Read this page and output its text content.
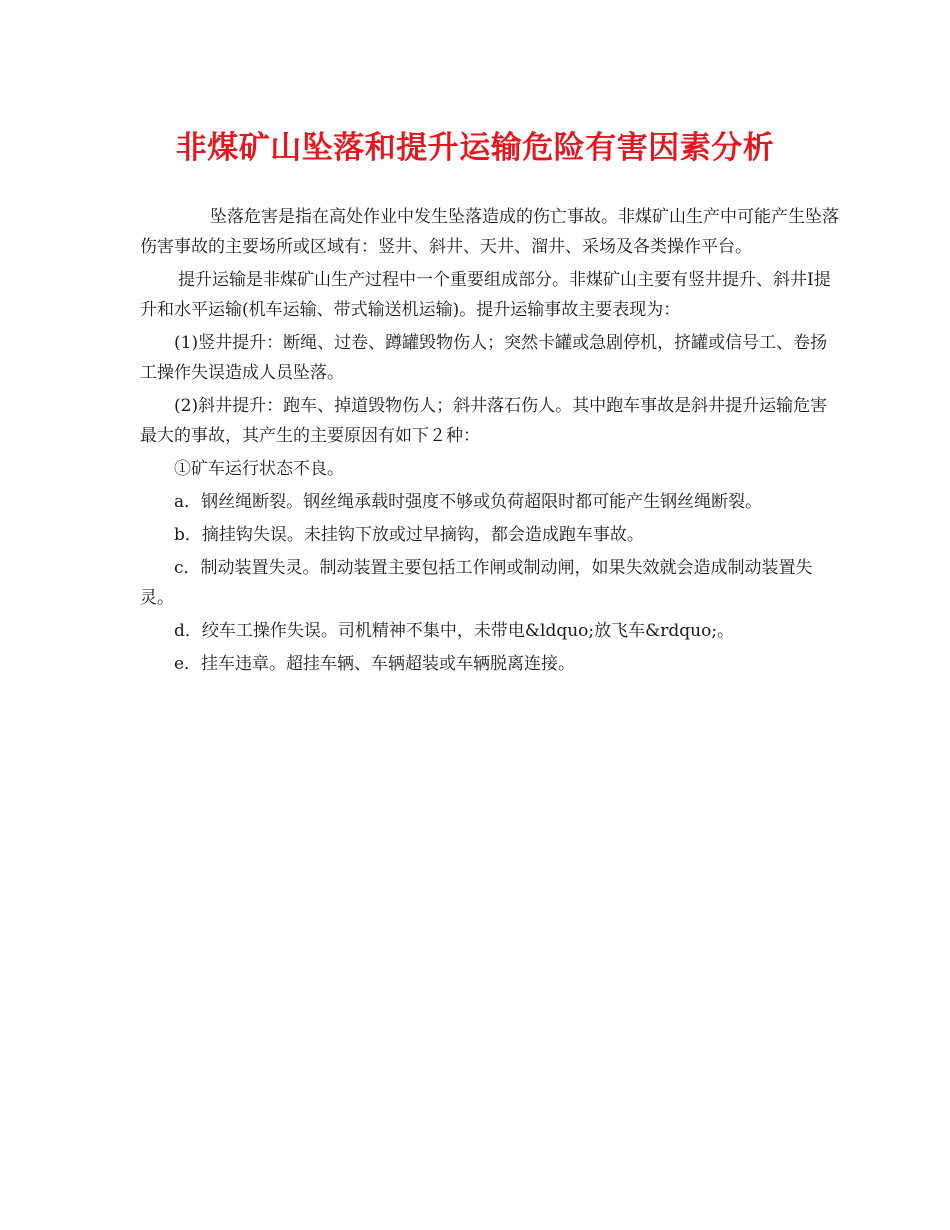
非煤矿山坠落和提升运输危险有害因素分析

坠落危害是指在高处作业中发生坠落造成的伤亡事故。非煤矿山生产中可能产生坠落伤害事故的主要场所或区域有：竖井、斜井、天井、溜井、采场及各类操作平台。

提升运输是非煤矿山生产过程中一个重要组成部分。非煤矿山主要有竖井提升、斜井Ⅰ提升和水平运输(机车运输、带式输送机运输)。提升运输事故主要表现为：

(1)竖井提升：断绳、过卷、蹲罐毁物伤人；突然卡罐或急剧停机，挤罐或信号工、卷扬工操作失误造成人员坠落。

(2)斜井提升：跑车、掉道毁物伤人；斜井落石伤人。其中跑车事故是斜井提升运输危害最大的事故，其产生的主要原因有如下２种：

①矿车运行状态不良。

a．钢丝绳断裂。钢丝绳承载时强度不够或负荷超限时都可能产生钢丝绳断裂。

b．摘挂钩失误。未挂钩下放或过早摘钩，都会造成跑车事故。

c．制动装置失灵。制动装置主要包括工作闸或制动闸，如果失效就会造成制动装置失灵。

d．绞车工操作失误。司机精神不集中，未带电&ldquo;放飞车&rdquo;。

e．挂车违章。超挂车辆、车辆超装或车辆脱离连接。
